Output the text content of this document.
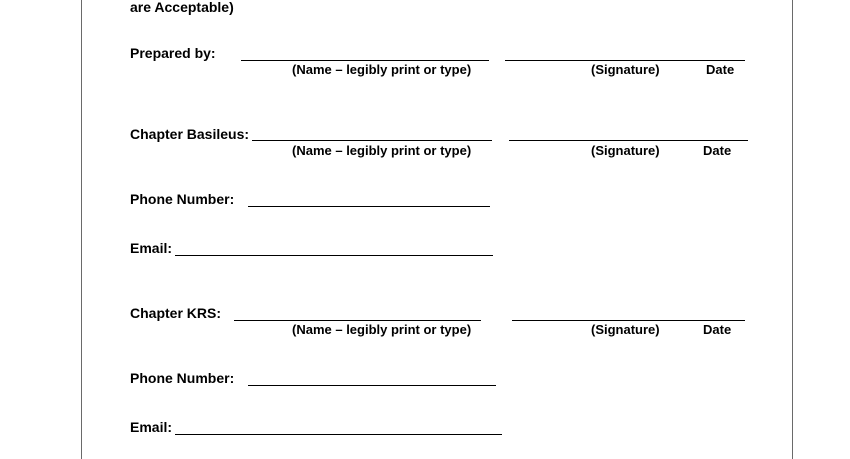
are Acceptable)
Prepared by:
(Name – legibly print or type)	(Signature)	Date
Chapter Basileus:
(Name – legibly print or type)	(Signature)	Date
Phone Number:
Email:
Chapter KRS:
(Name – legibly print or type)	(Signature)	Date
Phone Number:
Email:
